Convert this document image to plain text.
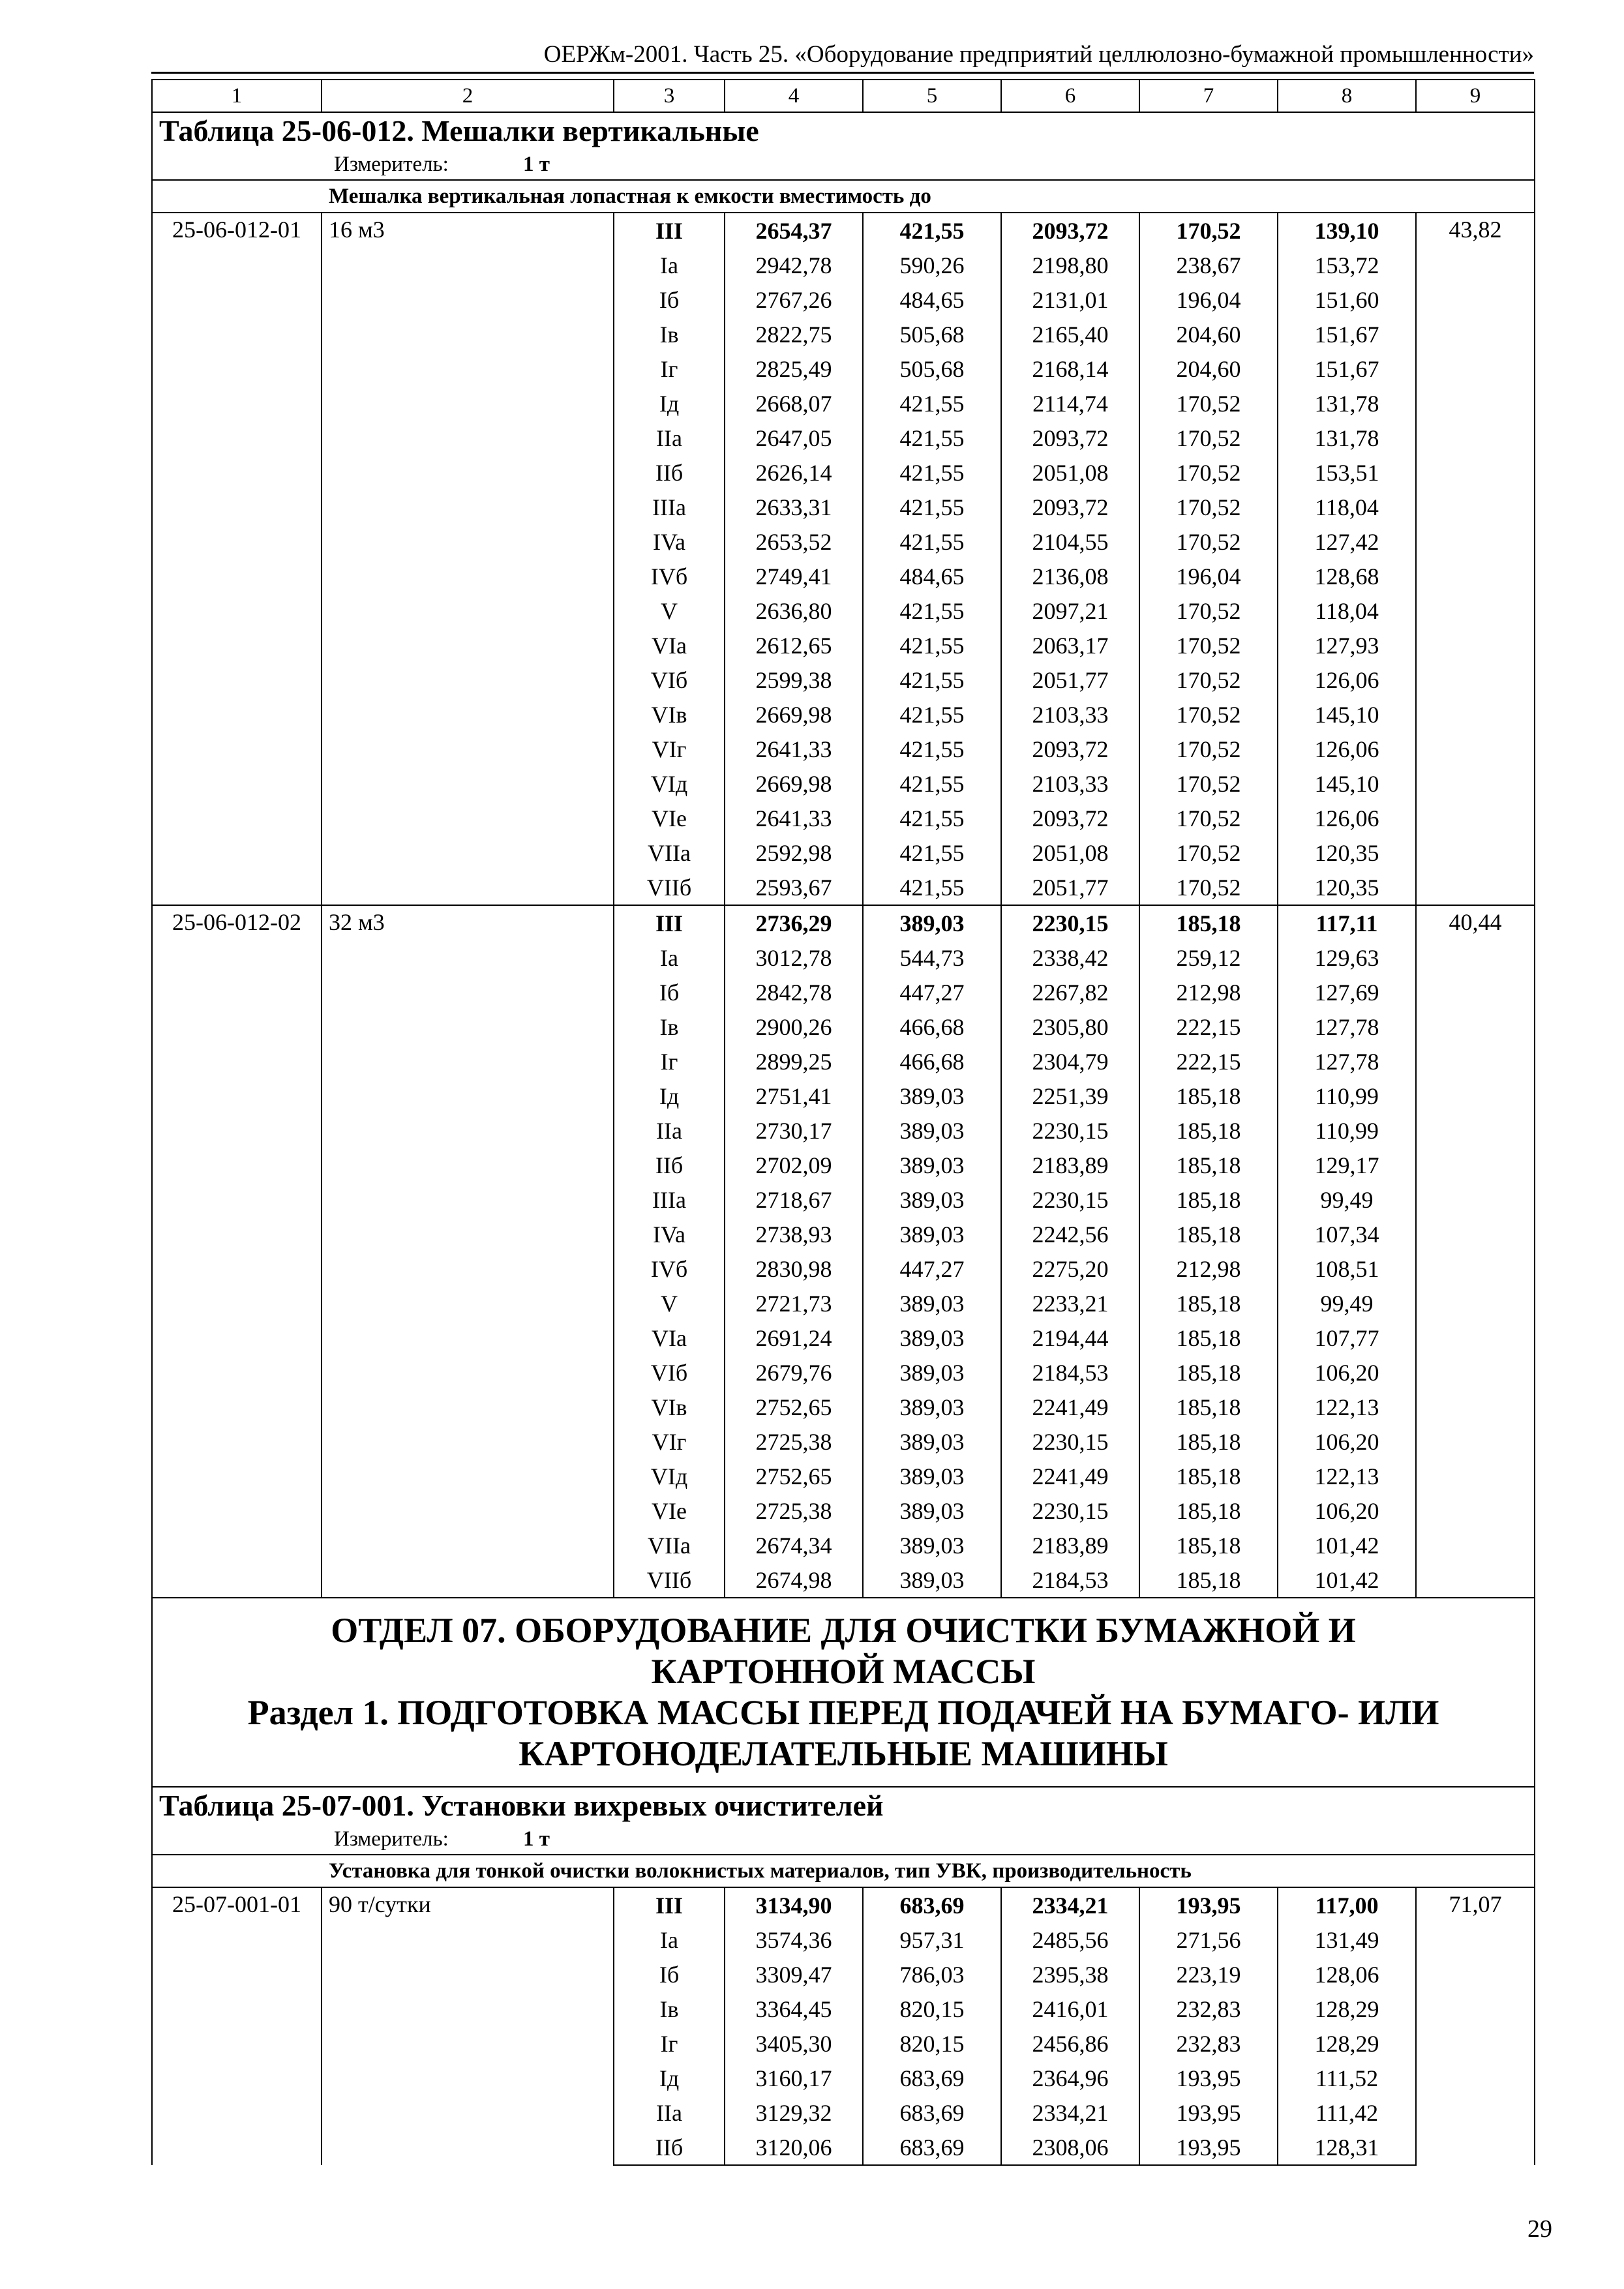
ОЕРЖм-2001. Часть 25. «Оборудование предприятий целлюлозно-бумажной промышленности»
1	2	3	4	5	6	7	8	9
Таблица 25-06-012. Мешалки вертикальные								
Измеритель: 1 т								
Мешалка вертикальная лопастная к емкости вместимость до								
25-06-012-01	16 м3	III	2654,37	421,55	2093,72	170,52	139,10	43,82
		Ia	2942,78	590,26	2198,80	238,67	153,72	
		Iб	2767,26	484,65	2131,01	196,04	151,60	
		Iв	2822,75	505,68	2165,40	204,60	151,67	
		Iг	2825,49	505,68	2168,14	204,60	151,67	
		Iд	2668,07	421,55	2114,74	170,52	131,78	
		IIa	2647,05	421,55	2093,72	170,52	131,78	
		IIб	2626,14	421,55	2051,08	170,52	153,51	
		IIIa	2633,31	421,55	2093,72	170,52	118,04	
		IVa	2653,52	421,55	2104,55	170,52	127,42	
		IVб	2749,41	484,65	2136,08	196,04	128,68	
		V	2636,80	421,55	2097,21	170,52	118,04	
		VIa	2612,65	421,55	2063,17	170,52	127,93	
		VIб	2599,38	421,55	2051,77	170,52	126,06	
		VIв	2669,98	421,55	2103,33	170,52	145,10	
		VIг	2641,33	421,55	2093,72	170,52	126,06	
		VIд	2669,98	421,55	2103,33	170,52	145,10	
		VIe	2641,33	421,55	2093,72	170,52	126,06	
		VIIa	2592,98	421,55	2051,08	170,52	120,35	
		VIIб	2593,67	421,55	2051,77	170,52	120,35	
25-06-012-02	32 м3	III	2736,29	389,03	2230,15	185,18	117,11	40,44
		Ia	3012,78	544,73	2338,42	259,12	129,63	
		Iб	2842,78	447,27	2267,82	212,98	127,69	
		Iв	2900,26	466,68	2305,80	222,15	127,78	
		Iг	2899,25	466,68	2304,79	222,15	127,78	
		Iд	2751,41	389,03	2251,39	185,18	110,99	
		IIa	2730,17	389,03	2230,15	185,18	110,99	
		IIб	2702,09	389,03	2183,89	185,18	129,17	
		IIIa	2718,67	389,03	2230,15	185,18	99,49	
		IVa	2738,93	389,03	2242,56	185,18	107,34	
		IVб	2830,98	447,27	2275,20	212,98	108,51	
		V	2721,73	389,03	2233,21	185,18	99,49	
		VIa	2691,24	389,03	2194,44	185,18	107,77	
		VIб	2679,76	389,03	2184,53	185,18	106,20	
		VIв	2752,65	389,03	2241,49	185,18	122,13	
		VIг	2725,38	389,03	2230,15	185,18	106,20	
		VIд	2752,65	389,03	2241,49	185,18	122,13	
		VIe	2725,38	389,03	2230,15	185,18	106,20	
		VIIa	2674,34	389,03	2183,89	185,18	101,42	
		VIIб	2674,98	389,03	2184,53	185,18	101,42	

ОТДЕЛ 07. ОБОРУДОВАНИЕ ДЛЯ ОЧИСТКИ БУМАЖНОЙ И
КАРТОННОЙ МАССЫ
Раздел 1. ПОДГОТОВКА МАССЫ ПЕРЕД ПОДАЧЕЙ НА БУМАГО- ИЛИ
КАРТОНОДЕЛАТЕЛЬНЫЕ МАШИНЫ								

Таблица 25-07-001. Установки вихревых очистителей								
Измеритель: 1 т								
Установка для тонкой очистки волокнистых материалов, тип УВК, производительность								
25-07-001-01	90 т/сутки	III	3134,90	683,69	2334,21	193,95	117,00	71,07
		Ia	3574,36	957,31	2485,56	271,56	131,49	
		Iб	3309,47	786,03	2395,38	223,19	128,06	
		Iв	3364,45	820,15	2416,01	232,83	128,29	
		Iг	3405,30	820,15	2456,86	232,83	128,29	
		Iд	3160,17	683,69	2364,96	193,95	111,52	
		IIa	3129,32	683,69	2334,21	193,95	111,42	
		IIб	3120,06	683,69	2308,06	193,95	128,31	
29
